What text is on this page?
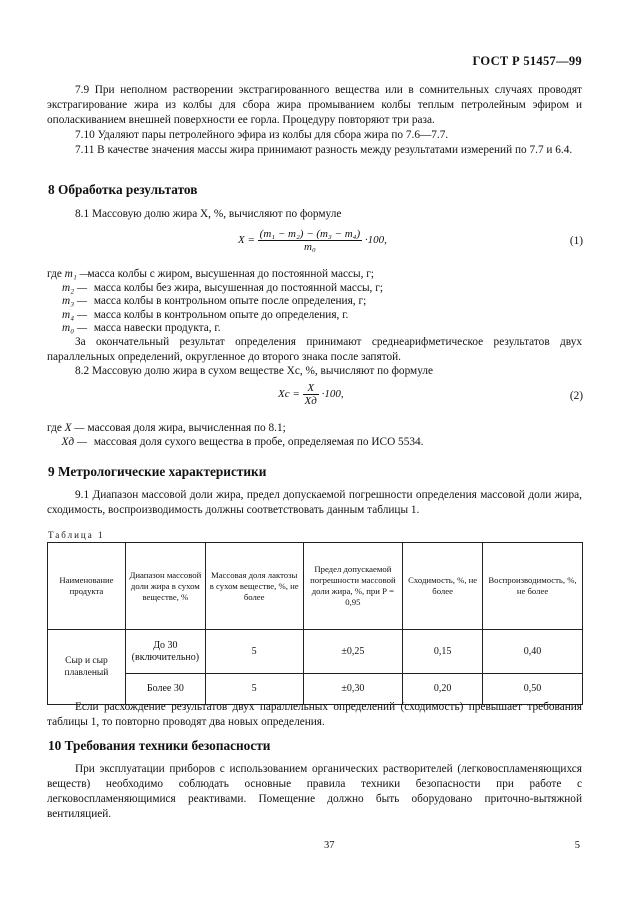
ГОСТ Р 51457—99
7.9 При неполном растворении экстрагированного вещества или в сомнительных случаях проводят экстрагирование жира из колбы для сбора жира промыванием колбы теплым петролейным эфиром и ополаскиванием внешней поверхности ее горла. Процедуру повторяют три раза.
7.10 Удаляют пары петролейного эфира из колбы для сбора жира по 7.6—7.7.
7.11 В качестве значения массы жира принимают разность между результатами измерений по 7.7 и 6.4.
8 Обработка результатов
8.1 Массовую долю жира X, %, вычисляют по формуле
$X = \frac{\text{(m₁ − m₂) − (m₃ − m₄)}}{\text{m₀}} \cdot 100$,	(1)
где m₁ — масса колбы с жиром, высушенная до постоянной массы, г;
m₂ — масса колбы без жира, высушенная до постоянной массы, г;
m₃ — масса колбы в контрольном опыте после определения, г;
m₄ — масса колбы в контрольном опыте до определения, г.
m₀ — масса навески продукта, г.
За окончательный результат определения принимают среднеарифметическое результатов двух параллельных определений, округленное до второго знака после запятой.
8.2 Массовую долю жира в сухом веществе Xс, %, вычисляют по формуле
Xс = $\frac{X}{Xд} \cdot 100$,	(2)
где X — массовая доля жира, вычисленная по 8.1;
Xд — массовая доля сухого вещества в пробе, определяемая по ИСО 5534.
9 Метрологические характеристики
9.1 Диапазон массовой доли жира, предел допускаемой погрешности определения массовой доли жира, сходимость, воспроизводимость должны соответствовать данным таблицы 1.
Таблица 1
Наименование продукта	Диапазон массовой доли жира в сухом веществе, %	Массовая доля лактозы в сухом веществе, %, не более	Предел допускаемой погрешности массовой доли жира, %, при Р = 0,95	Сходимость, %, не более	Воспроизводимость, %, не более
Сыр и сыр плавленый	До 30 (включительно)	5	±0,25	0,15	0,40
	Более 30	5	±0,30	0,20	0,50
Если расхождение результатов двух параллельных определений (сходимость) превышает требования таблицы 1, то повторно проводят два новых определения.
10 Требования техники безопасности
При эксплуатации приборов с использованием органических растворителей (легковоспламеняющихся веществ) необходимо соблюдать основные правила техники безопасности при работе с легковоспламеняющимися реактивами. Помещение должно быть оборудовано приточно-вытяжной вентиляцией.
37	5
